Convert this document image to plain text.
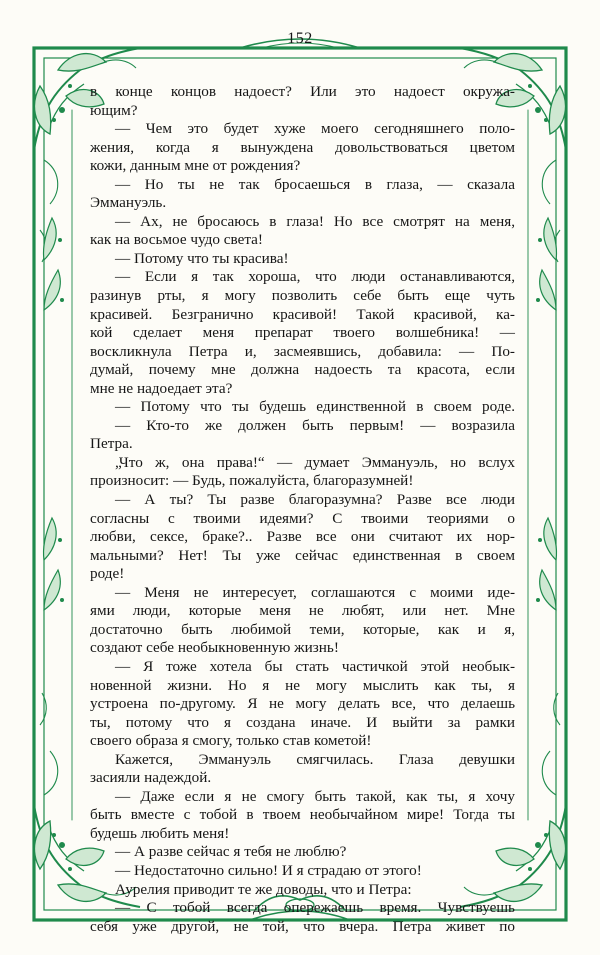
152

в конце концов надоест? Или это надоест окружа-

ющим?

— Чем это будет хуже моего сегодняшнего поло-

жения, когда я вынуждена довольствоваться цветом

кожи, данным мне от рождения?

— Но ты не так бросаешься в глаза, — сказала

Эммануэль.

— Ах, не бросаюсь в глаза! Но все смотрят на меня,

как на восьмое чудо света!

— Потому что ты красива!

— Если я так хороша, что люди останавливаются,

разинув рты, я могу позволить себе быть еще чуть

красивей. Безгранично красивой! Такой красивой, ка-

кой сделает меня препарат твоего волшебника! —

воскликнула Петра и, засмеявшись, добавила: — По-

думай, почему мне должна надоесть та красота, если

мне не надоедает эта?

— Потому что ты будешь единственной в своем роде.

— Кто-то же должен быть первым! — возразила

Петра.

„Что ж, она права!“ — думает Эммануэль, но вслух

произносит: — Будь, пожалуйста, благоразумней!

— А ты? Ты разве благоразумна? Разве все люди

согласны с твоими идеями? С твоими теориями о

любви, сексе, браке?.. Разве все они считают их нор-

мальными? Нет! Ты уже сейчас единственная в своем

роде!

— Меня не интересует, соглашаются с моими иде-

ями люди, которые меня не любят, или нет. Мне

достаточно быть любимой теми, которые, как и я,

создают себе необыкновенную жизнь!

— Я тоже хотела бы стать частичкой этой необык-

новенной жизни. Но я не могу мыслить как ты, я

устроена по-другому. Я не могу делать все, что делаешь

ты, потому что я создана иначе. И выйти за рамки

своего образа я смогу, только став кометой!

Кажется, Эммануэль смягчилась. Глаза девушки

засияли надеждой.

— Даже если я не смогу быть такой, как ты, я хочу

быть вместе с тобой в твоем необычайном мире! Тогда ты

будешь любить меня!

— А разве сейчас я тебя не люблю?

— Недостаточно сильно! И я страдаю от этого!

Аурелия приводит те же доводы, что и Петра:

— С тобой всегда опережаешь время. Чувствуешь

себя уже другой, не той, что вчера. Петра живет по
